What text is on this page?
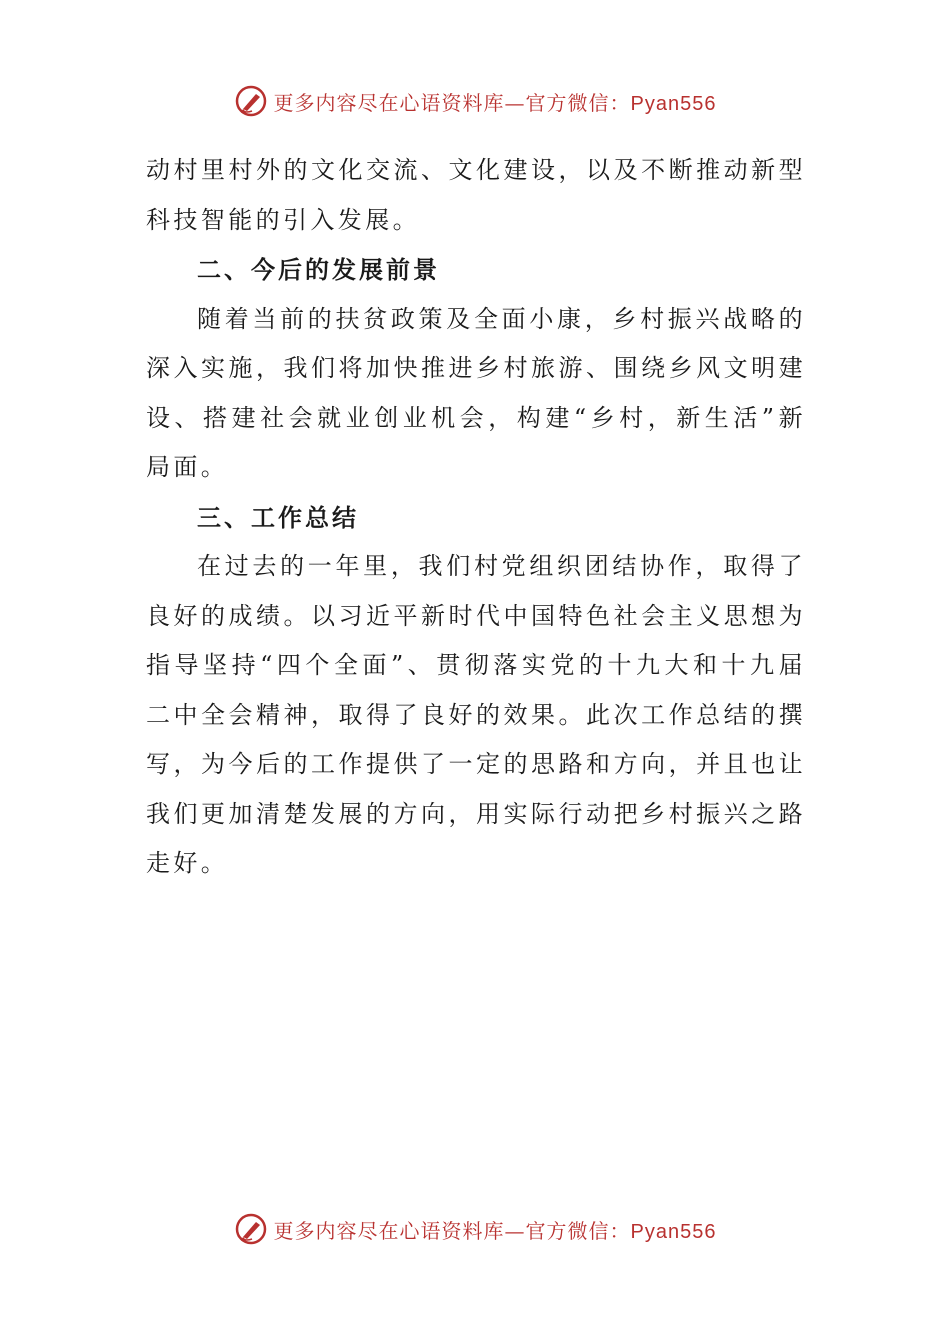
更多内容尽在心语资料库—官方微信：Pyan556

动村里村外的文化交流、文化建设，以及不断推动新型科技智能的引入发展。

二、今后的发展前景

随着当前的扶贫政策及全面小康，乡村振兴战略的深入实施，我们将加快推进乡村旅游、围绕乡风文明建设、搭建社会就业创业机会，构建“乡村，新生活”新局面。

三、工作总结

在过去的一年里，我们村党组织团结协作，取得了良好的成绩。以习近平新时代中国特色社会主义思想为指导坚持“四个全面”、贯彻落实党的十九大和十九届二中全会精神，取得了良好的效果。此次工作总结的撰写，为今后的工作提供了一定的思路和方向，并且也让我们更加清楚发展的方向，用实际行动把乡村振兴之路走好。

更多内容尽在心语资料库—官方微信：Pyan556
